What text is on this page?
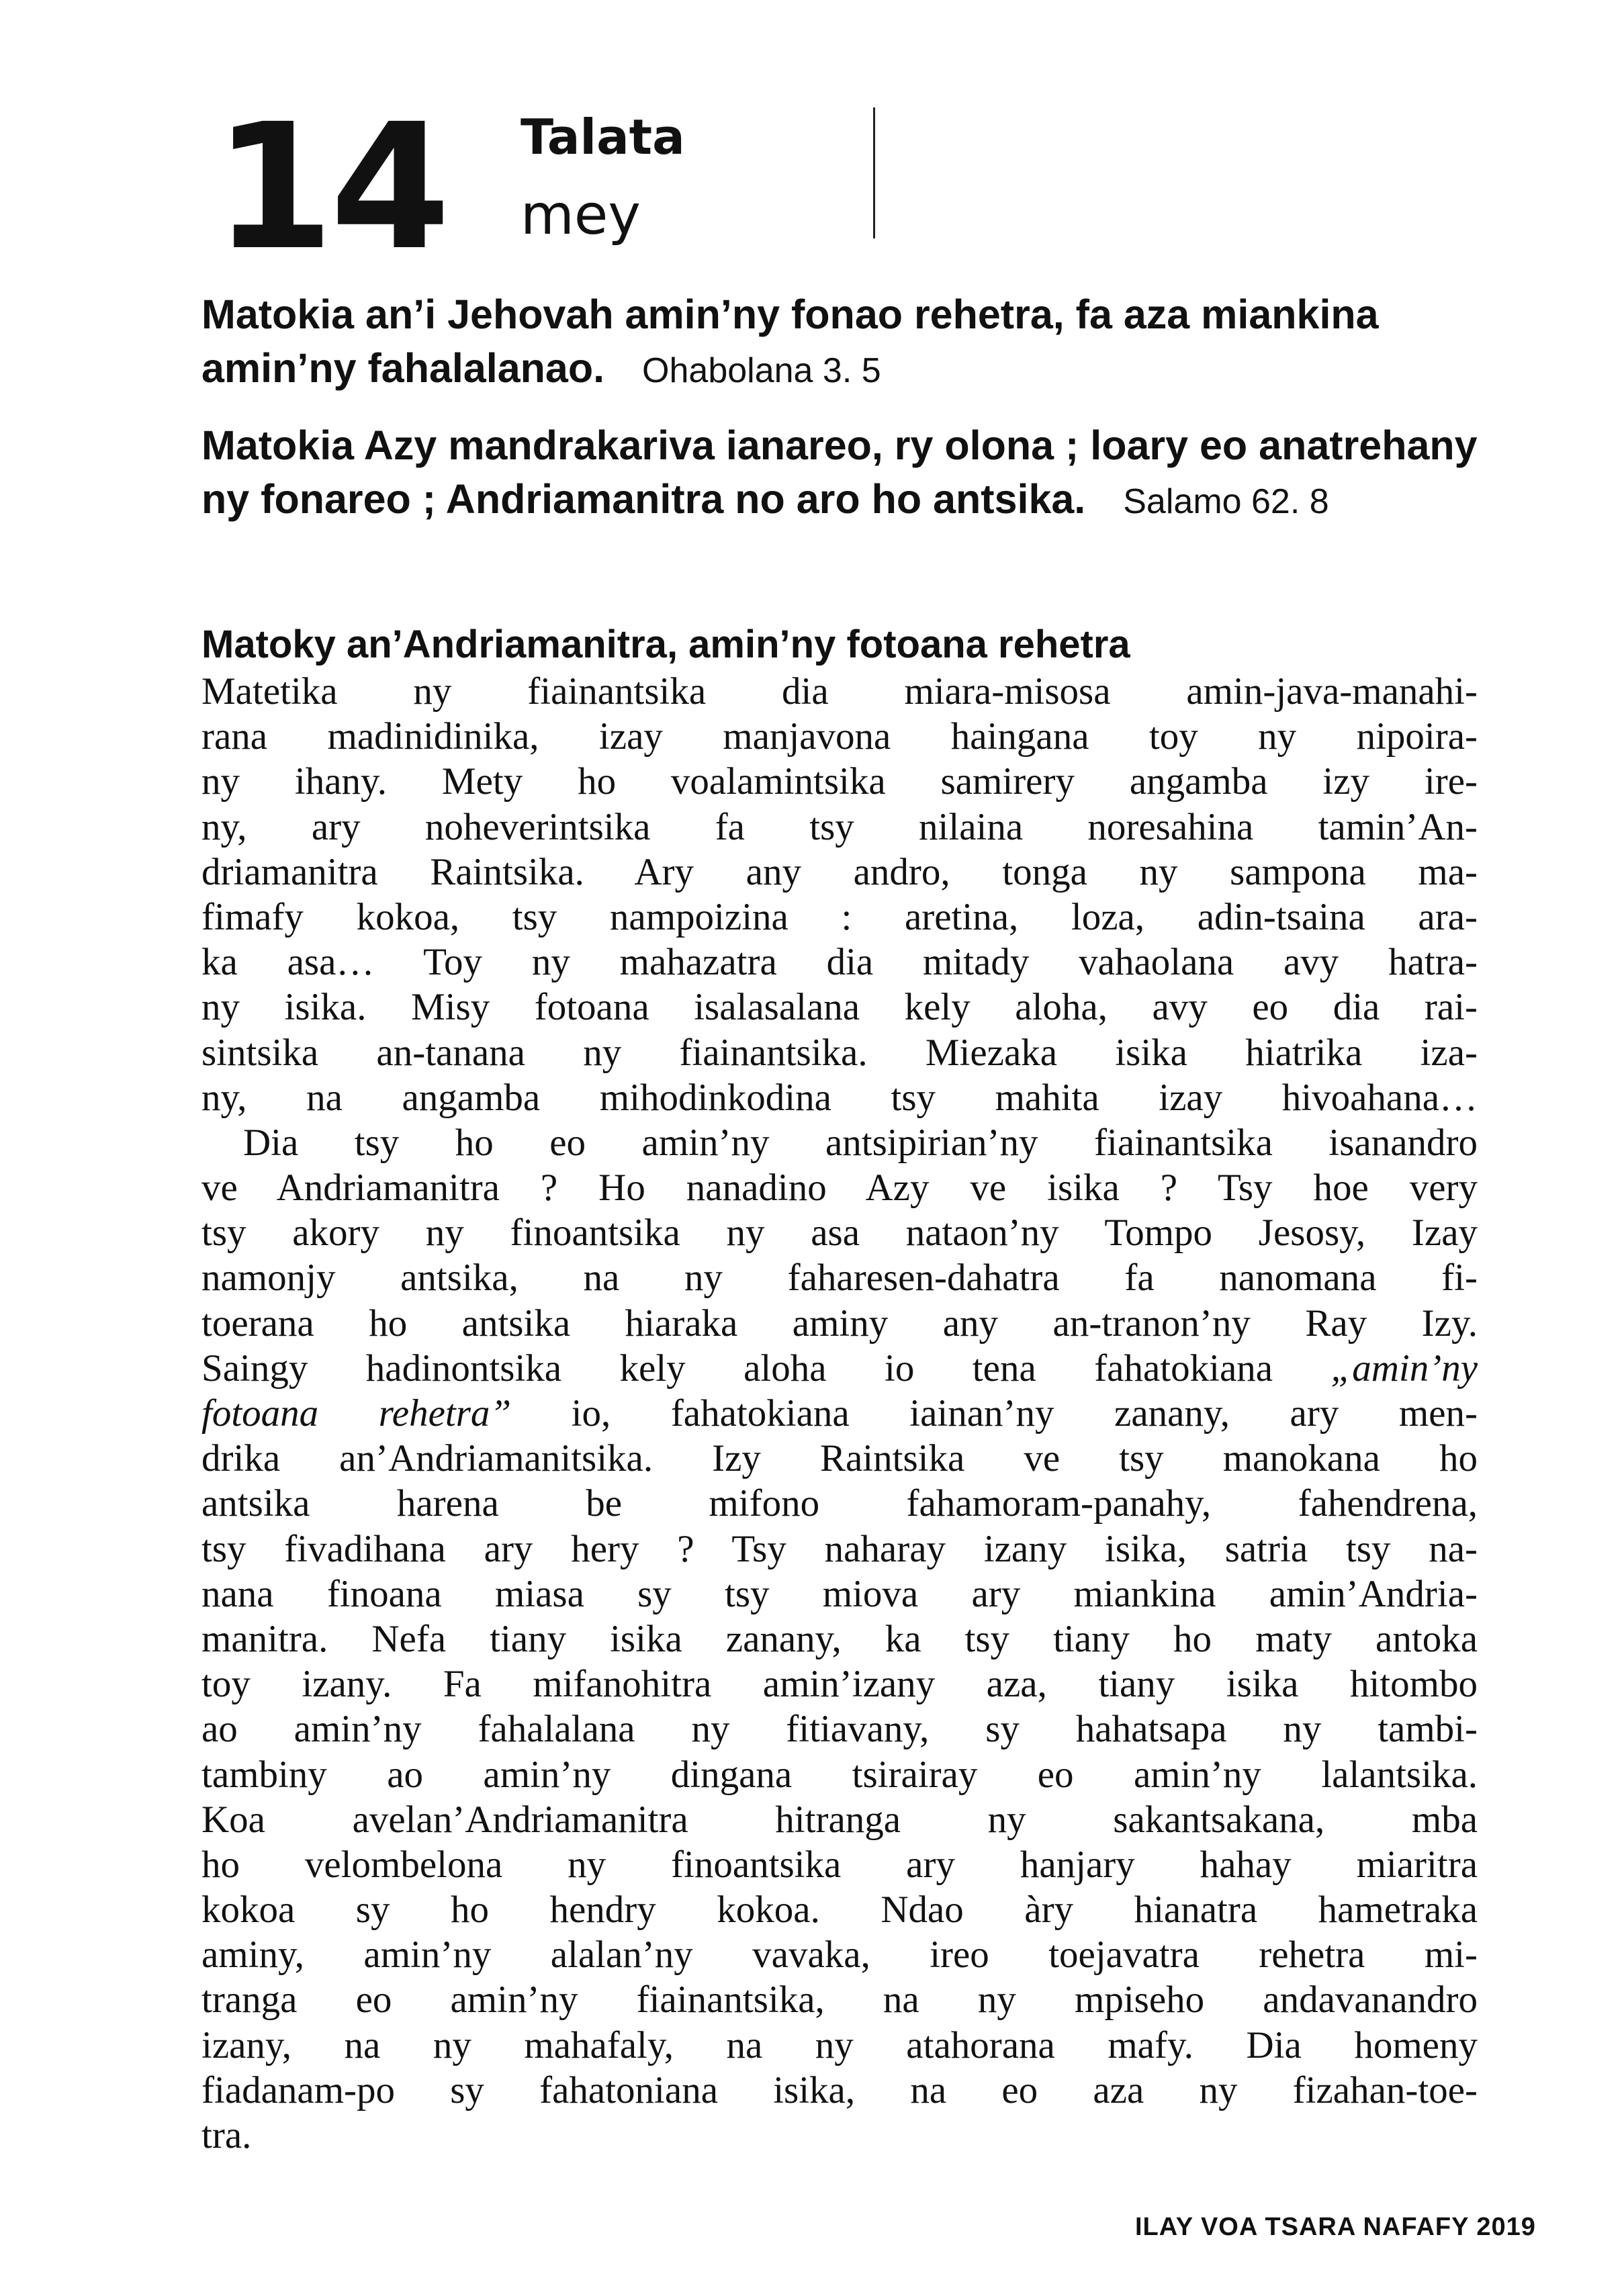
14 Talata
mey
Matokia an’i Jehovah amin’ny fonao rehetra, fa aza miankina amin’ny fahalalanao. Ohabolana 3. 5
Matokia Azy mandrakariva ianareo, ry olona ; loary eo anatrehany ny fonareo ; Andriamanitra no aro ho antsika. Salamo 62. 8
Matoky an’Andriamanitra, amin’ny fotoana rehetra
Matetika ny fiainantsika dia miara-misosa amin-java-manahi-
rana madinidinika, izay manjavona haingana toy ny nipoira-
ny ihany. Mety ho voalamintsika samirery angamba izy ire-
ny, ary noheverintsika fa tsy nilaina noresahina tamin’An-
driamanitra Raintsika. Ary any andro, tonga ny sampona ma-
fimafy kokoa, tsy nampoizina : aretina, loza, adin-tsaina ara-
ka asa… Toy ny mahazatra dia mitady vahaolana avy hatra-
ny isika. Misy fotoana isalasalana kely aloha, avy eo dia rai-
sintsika an-tanana ny fiainantsika. Miezaka isika hiatrika iza-
ny, na angamba mihodinkodina tsy mahita izay hivoahana…
Dia tsy ho eo amin’ny antsipirian’ny fiainantsika isanandro
ve Andriamanitra ? Ho nanadino Azy ve isika ? Tsy hoe very
tsy akory ny finoantsika ny asa nataon’ny Tompo Jesosy, Izay
namonjy antsika, na ny faharesen-dahatra fa nanomana fi-
toerana ho antsika hiaraka aminy any an-tranon’ny Ray Izy.
Saingy hadinontsika kely aloha io tena fahatokiana „amin’ny
fotoana rehetra” io, fahatokiana iainan’ny zanany, ary men-
drika an’Andriamanitsika. Izy Raintsika ve tsy manokana ho
antsika harena be mifono fahamoram-panahy, fahendrena,
tsy fivadihana ary hery ? Tsy naharay izany isika, satria tsy na-
nana finoana miasa sy tsy miova ary miankina amin’Andria-
manitra. Nefa tiany isika zanany, ka tsy tiany ho maty antoka
toy izany. Fa mifanohitra amin’izany aza, tiany isika hitombo
ao amin’ny fahalalana ny fitiavany, sy hahatsapa ny tambi-
tambiny ao amin’ny dingana tsirairay eo amin’ny lalantsika.
Koa avelan’Andriamanitra hitranga ny sakantsakana, mba
ho velombelona ny finoantsika ary hanjary hahay miaritra
kokoa sy ho hendry kokoa. Ndao àry hianatra hametraka
aminy, amin’ny alalan’ny vavaka, ireo toejavatra rehetra mi-
tranga eo amin’ny fiainantsika, na ny mpiseho andavanandro
izany, na ny mahafaly, na ny atahorana mafy. Dia homeny
fiadanam-po sy fahatoniana isika, na eo aza ny fizahan-toe-
tra.
ILAY VOA TSARA NAFAFY 2019
